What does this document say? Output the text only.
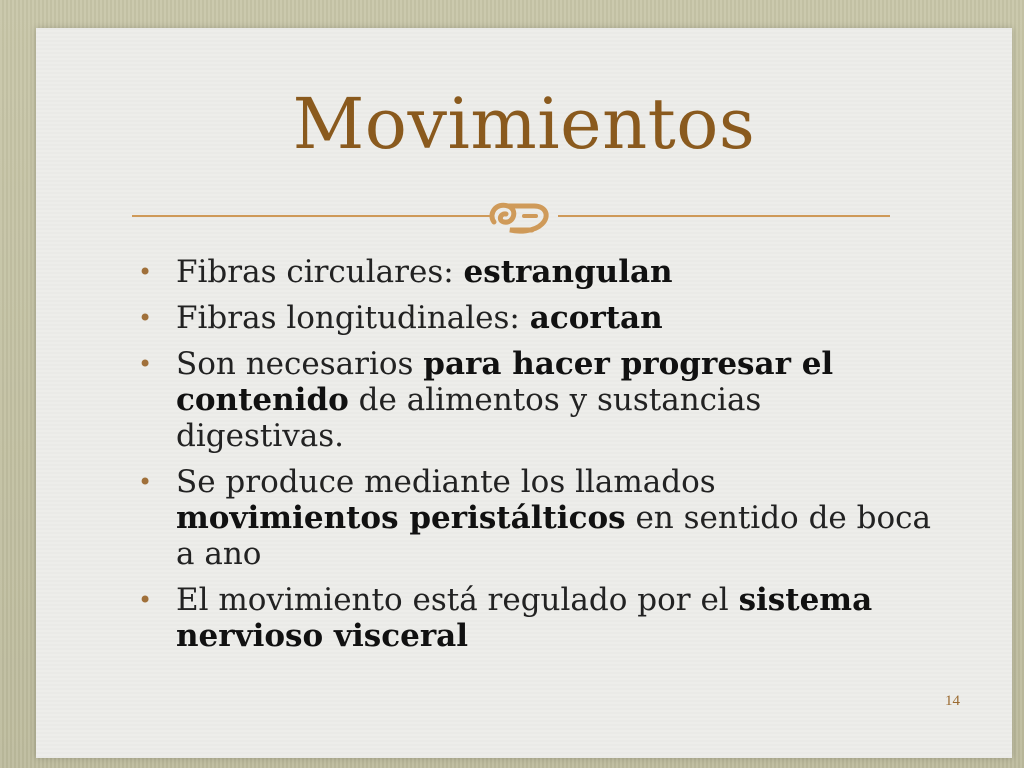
Movimientos
• Fibras circulares: estrangulan
• Fibras longitudinales: acortan
• Son necesarios para hacer progresar el contenido de alimentos y sustancias digestivas.
• Se produce mediante los llamados movimientos peristálticos en sentido de boca a ano
• El movimiento está regulado por el sistema nervioso visceral
14
